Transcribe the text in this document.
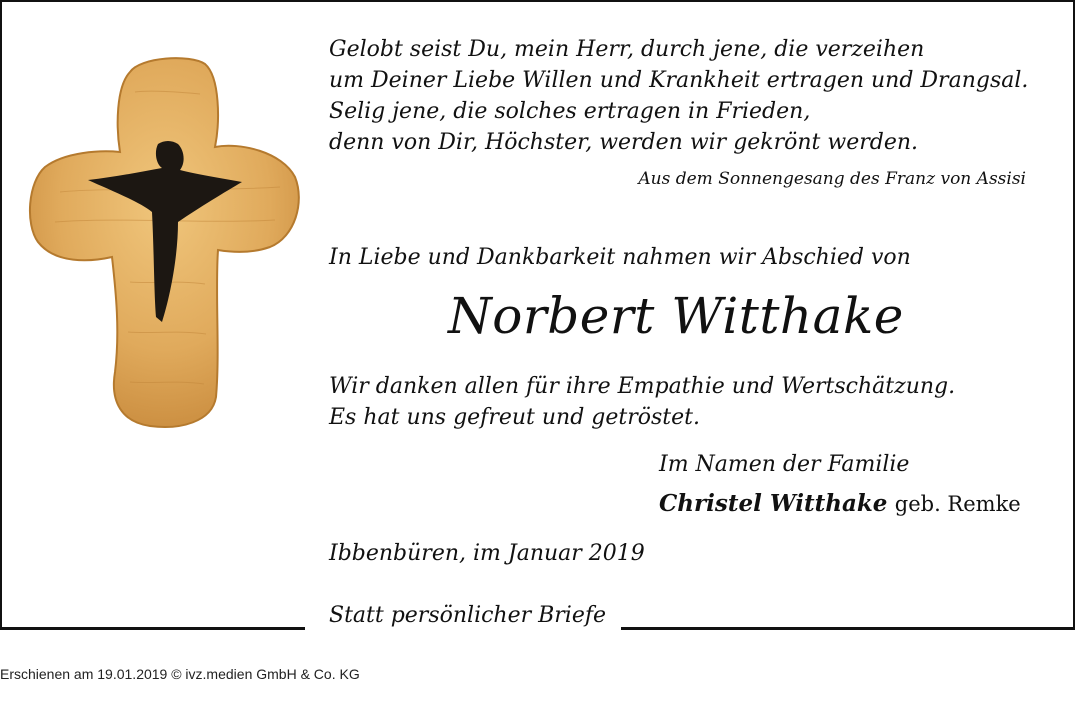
Gelobt seist Du, mein Herr, durch jene, die verzeihen
um Deiner Liebe Willen und Krankheit ertragen und Drangsal.
Selig jene, die solches ertragen in Frieden,
denn von Dir, Höchster, werden wir gekrönt werden.
Aus dem Sonnengesang des Franz von Assisi
In Liebe und Dankbarkeit nahmen wir Abschied von
Norbert Witthake
Wir danken allen für ihre Empathie und Wertschätzung.
Es hat uns gefreut und getröstet.
Im Namen der Familie
Christel Witthake geb. Remke
Ibbenbüren, im Januar 2019
Statt persönlicher Briefe
Erschienen am 19.01.2019 © ivz.medien GmbH & Co. KG
